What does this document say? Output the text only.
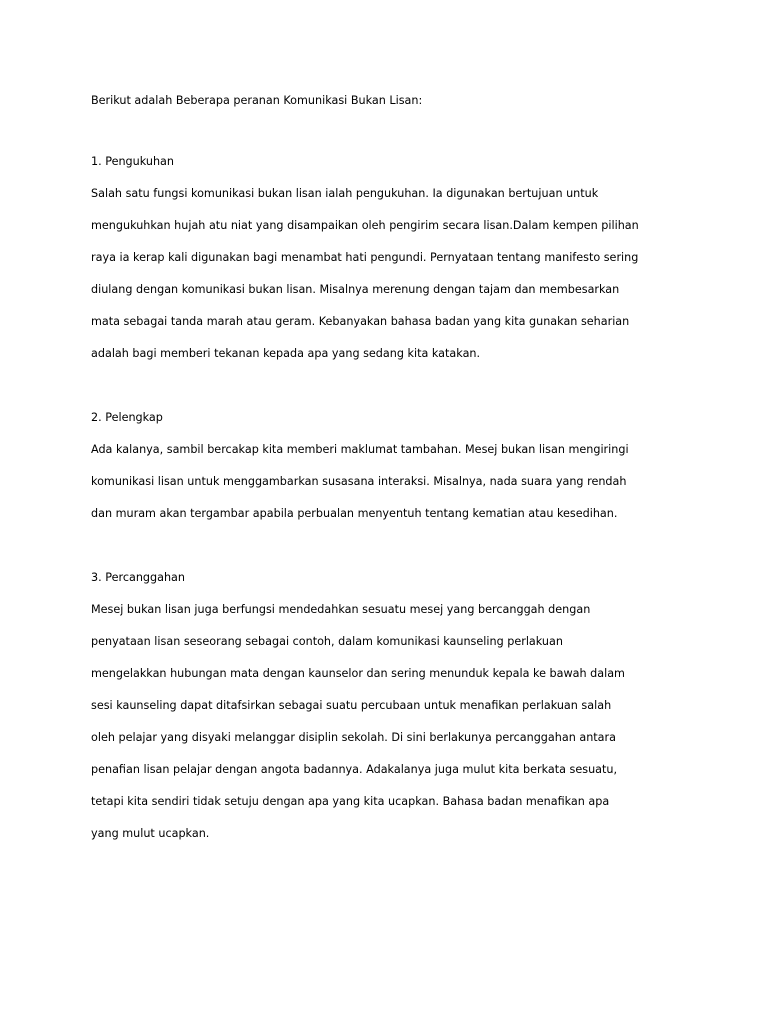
Berikut adalah Beberapa peranan Komunikasi Bukan Lisan:

1. Pengukuhan

Salah satu fungsi komunikasi bukan lisan ialah pengukuhan. Ia digunakan bertujuan untuk

mengukuhkan hujah atu niat yang disampaikan oleh pengirim secara lisan.Dalam kempen pilihan

raya ia kerap kali digunakan bagi menambat hati pengundi. Pernyataan tentang manifesto sering

diulang dengan komunikasi bukan lisan. Misalnya merenung dengan tajam dan membesarkan

mata sebagai tanda marah atau geram. Kebanyakan bahasa badan yang kita gunakan seharian

adalah bagi memberi tekanan kepada apa yang sedang kita katakan.

2. Pelengkap

Ada kalanya, sambil bercakap kita memberi maklumat tambahan. Mesej bukan lisan mengiringi

komunikasi lisan untuk menggambarkan susasana interaksi. Misalnya, nada suara yang rendah

dan muram akan tergambar apabila perbualan menyentuh tentang kematian atau kesedihan.

3. Percanggahan

Mesej bukan lisan juga berfungsi mendedahkan sesuatu mesej yang bercanggah dengan

penyataan lisan seseorang sebagai contoh, dalam komunikasi kaunseling perlakuan

mengelakkan hubungan mata dengan kaunselor dan sering menunduk kepala ke bawah dalam

sesi kaunseling dapat ditafsirkan sebagai suatu percubaan untuk menafikan perlakuan salah

oleh pelajar yang disyaki melanggar disiplin sekolah. Di sini berlakunya percanggahan antara

penafian lisan pelajar dengan angota badannya. Adakalanya juga mulut kita berkata sesuatu,

tetapi kita sendiri tidak setuju dengan apa yang kita ucapkan. Bahasa badan menafikan apa

yang mulut ucapkan.
